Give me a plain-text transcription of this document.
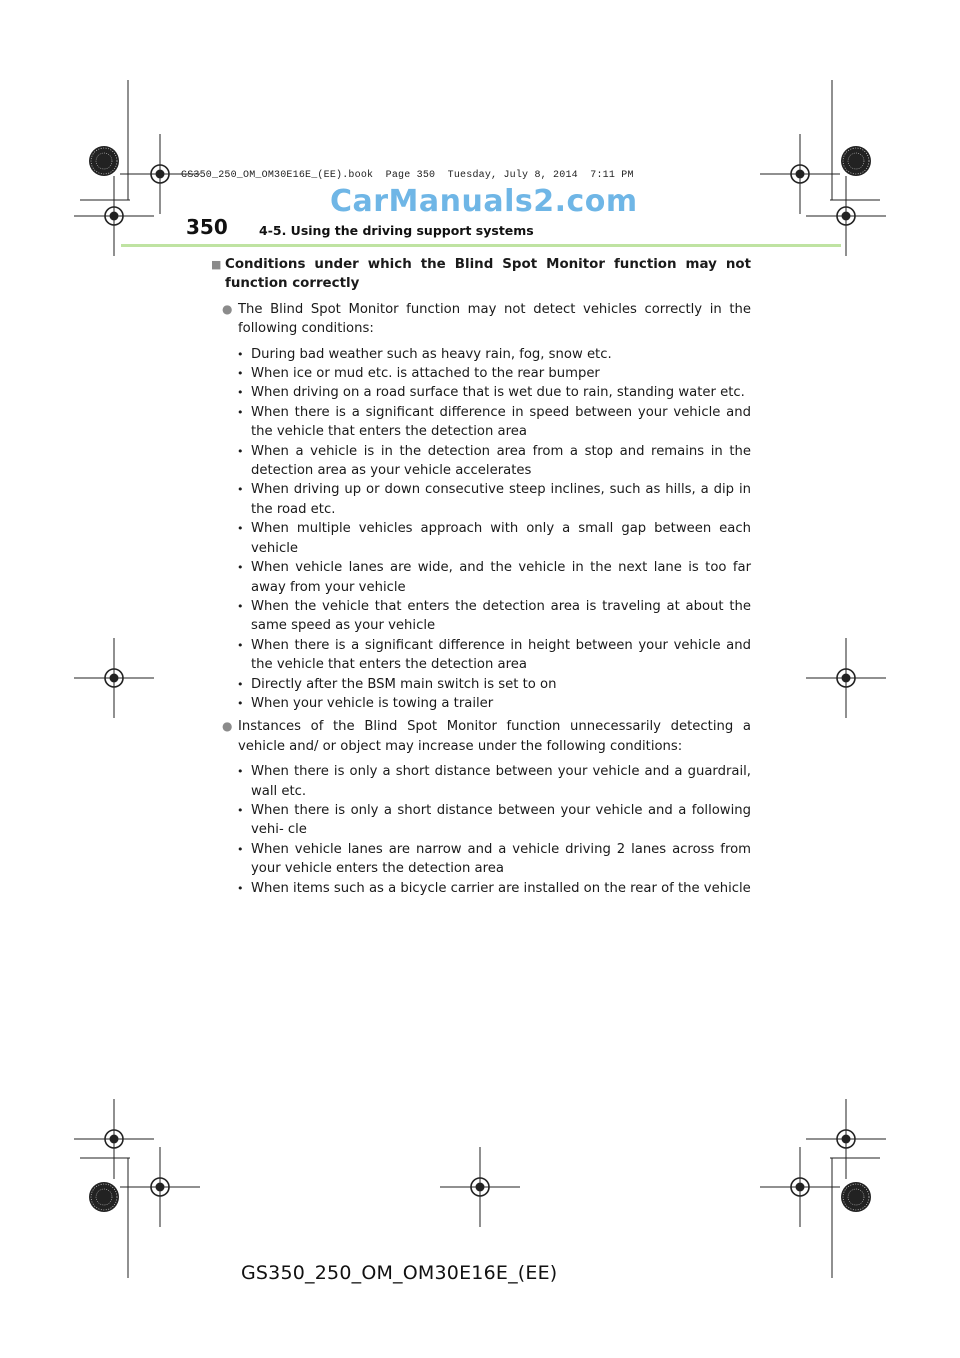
GS350_250_OM_OM30E16E_(EE).book  Page 350  Tuesday, July 8, 2014  7:11 PM
CarManuals2.com
350	4-5. Using the driving support systems
■ Conditions under which the Blind Spot Monitor function may not function correctly
● The Blind Spot Monitor function may not detect vehicles correctly in the following conditions:
• During bad weather such as heavy rain, fog, snow etc.
• When ice or mud etc. is attached to the rear bumper
• When driving on a road surface that is wet due to rain, standing water etc.
• When there is a significant difference in speed between your vehicle and the vehicle that enters the detection area
• When a vehicle is in the detection area from a stop and remains in the detection area as your vehicle accelerates
• When driving up or down consecutive steep inclines, such as hills, a dip in the road etc.
• When multiple vehicles approach with only a small gap between each vehicle
• When vehicle lanes are wide, and the vehicle in the next lane is too far away from your vehicle
• When the vehicle that enters the detection area is traveling at about the same speed as your vehicle
• When there is a significant difference in height between your vehicle and the vehicle that enters the detection area
• Directly after the BSM main switch is set to on
• When your vehicle is towing a trailer
● Instances of the Blind Spot Monitor function unnecessarily detecting a vehicle and/ or object may increase under the following conditions:
• When there is only a short distance between your vehicle and a guardrail, wall etc.
• When there is only a short distance between your vehicle and a following vehi- cle
• When vehicle lanes are narrow and a vehicle driving 2 lanes across from your vehicle enters the detection area
• When items such as a bicycle carrier are installed on the rear of the vehicle
GS350_250_OM_OM30E16E_(EE)
